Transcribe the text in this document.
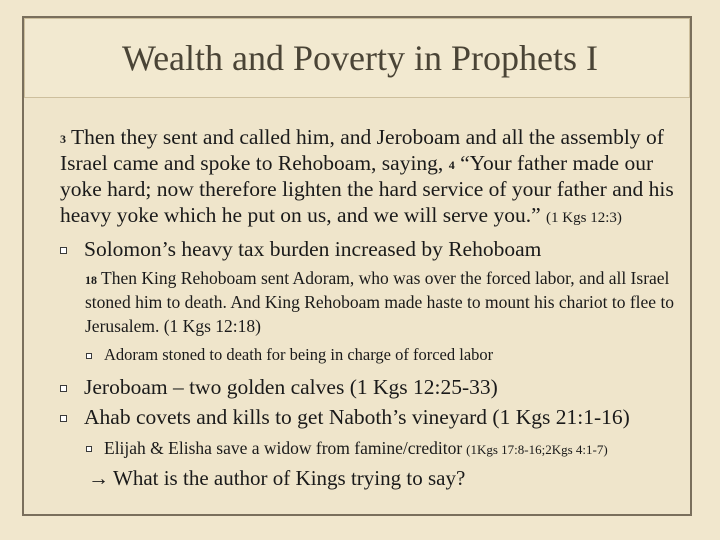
Wealth and Poverty in Prophets I
$^3$ Then they sent and called him, and Jeroboam and all the assembly of Israel came and spoke to Rehoboam, saying, $^4$ “Your father made our yoke hard; now therefore lighten the hard service of your father and his heavy yoke which he put on us, and we will serve you.” (1 Kgs 12:3)
Solomon’s heavy tax burden increased by Rehoboam
$^{18}$ Then King Rehoboam sent Adoram, who was over the forced labor, and all Israel stoned him to death. And King Rehoboam made haste to mount his chariot to flee to Jerusalem. (1 Kgs 12:18)
Adoram stoned to death for being in charge of forced labor
Jeroboam – two golden calves (1 Kgs 12:25-33)
Ahab covets and kills to get Naboth’s vineyard (1 Kgs 21:1-16)
Elijah & Elisha save a widow from famine/creditor (1Kgs 17:8-16;2Kgs 4:1-7)
→ What is the author of Kings trying to say?
